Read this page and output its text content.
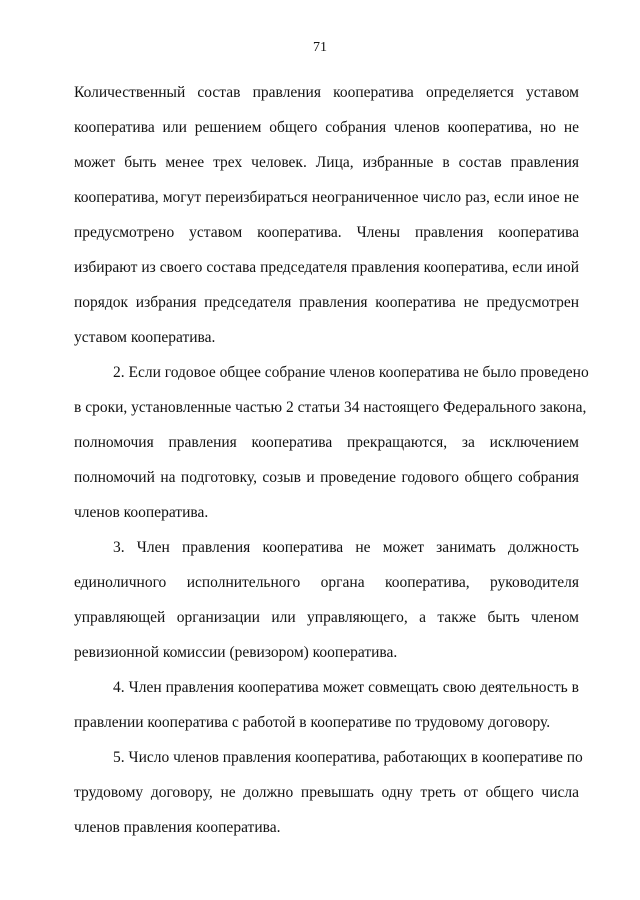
71
Количественный состав правления кооператива определяется уставом
кооператива или решением общего собрания членов кооператива, но не
может быть менее трех человек. Лица, избранные в состав правления
кооператива, могут переизбираться неограниченное число раз, если иное не
предусмотрено уставом кооператива. Члены правления кооператива
избирают из своего состава председателя правления кооператива, если иной
порядок избрания председателя правления кооператива не предусмотрен
уставом кооператива.
2. Если годовое общее собрание членов кооператива не было проведено
в сроки, установленные частью 2 статьи 34 настоящего Федерального закона,
полномочия правления кооператива прекращаются, за исключением
полномочий на подготовку, созыв и проведение годового общего собрания
членов кооператива.
3. Член правления кооператива не может занимать должность
единоличного исполнительного органа кооператива, руководителя
управляющей организации или управляющего, а также быть членом
ревизионной комиссии (ревизором) кооператива.
4. Член правления кооператива может совмещать свою деятельность в
правлении кооператива с работой в кооперативе по трудовому договору.
5. Число членов правления кооператива, работающих в кооперативе по
трудовому договору, не должно превышать одну треть от общего числа
членов правления кооператива.
